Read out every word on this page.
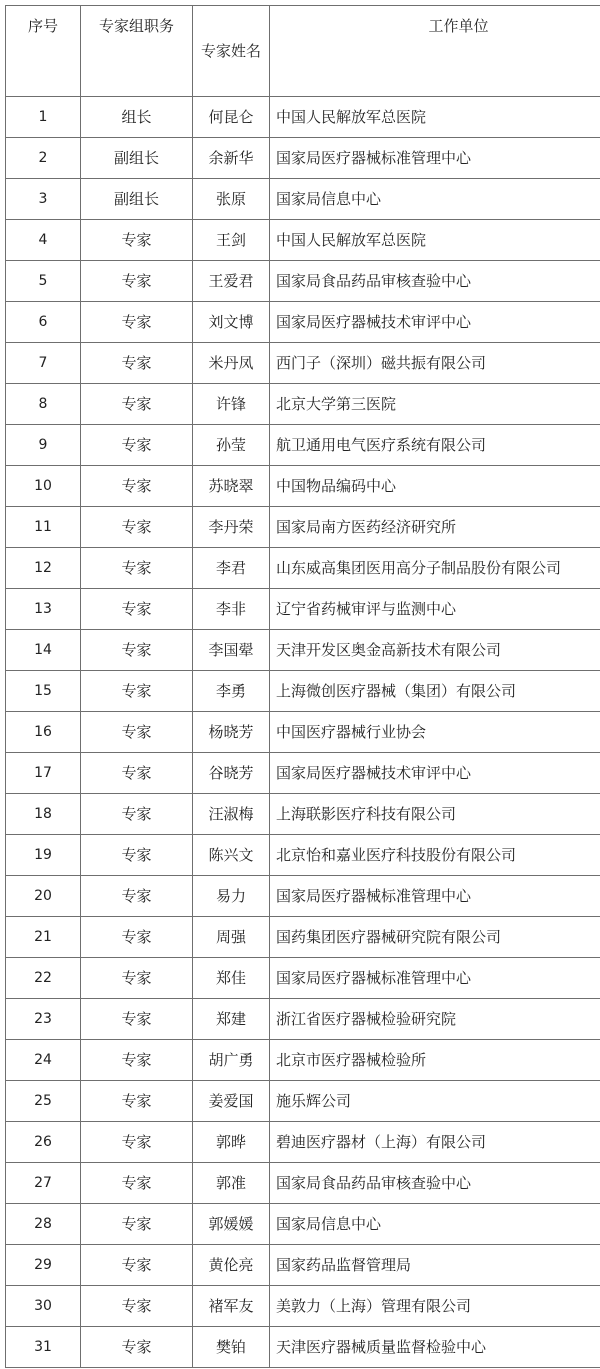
序号	专家组职务	专家姓名	工作单位
1	组长	何昆仑	中国人民解放军总医院
2	副组长	余新华	国家局医疗器械标准管理中心
3	副组长	张原	国家局信息中心
4	专家	王剑	中国人民解放军总医院
5	专家	王爱君	国家局食品药品审核查验中心
6	专家	刘文博	国家局医疗器械技术审评中心
7	专家	米丹凤	西门子（深圳）磁共振有限公司
8	专家	许锋	北京大学第三医院
9	专家	孙莹	航卫通用电气医疗系统有限公司
10	专家	苏晓翠	中国物品编码中心
11	专家	李丹荣	国家局南方医药经济研究所
12	专家	李君	山东威高集团医用高分子制品股份有限公司
13	专家	李非	辽宁省药械审评与监测中心
14	专家	李国翚	天津开发区奥金高新技术有限公司
15	专家	李勇	上海微创医疗器械（集团）有限公司
16	专家	杨晓芳	中国医疗器械行业协会
17	专家	谷晓芳	国家局医疗器械技术审评中心
18	专家	汪淑梅	上海联影医疗科技有限公司
19	专家	陈兴文	北京怡和嘉业医疗科技股份有限公司
20	专家	易力	国家局医疗器械标准管理中心
21	专家	周强	国药集团医疗器械研究院有限公司
22	专家	郑佳	国家局医疗器械标准管理中心
23	专家	郑建	浙江省医疗器械检验研究院
24	专家	胡广勇	北京市医疗器械检验所
25	专家	姜爱国	施乐辉公司
26	专家	郭晔	碧迪医疗器材（上海）有限公司
27	专家	郭准	国家局食品药品审核查验中心
28	专家	郭媛媛	国家局信息中心
29	专家	黄伦亮	国家药品监督管理局
30	专家	褚军友	美敦力（上海）管理有限公司
31	专家	樊铂	天津医疗器械质量监督检验中心
